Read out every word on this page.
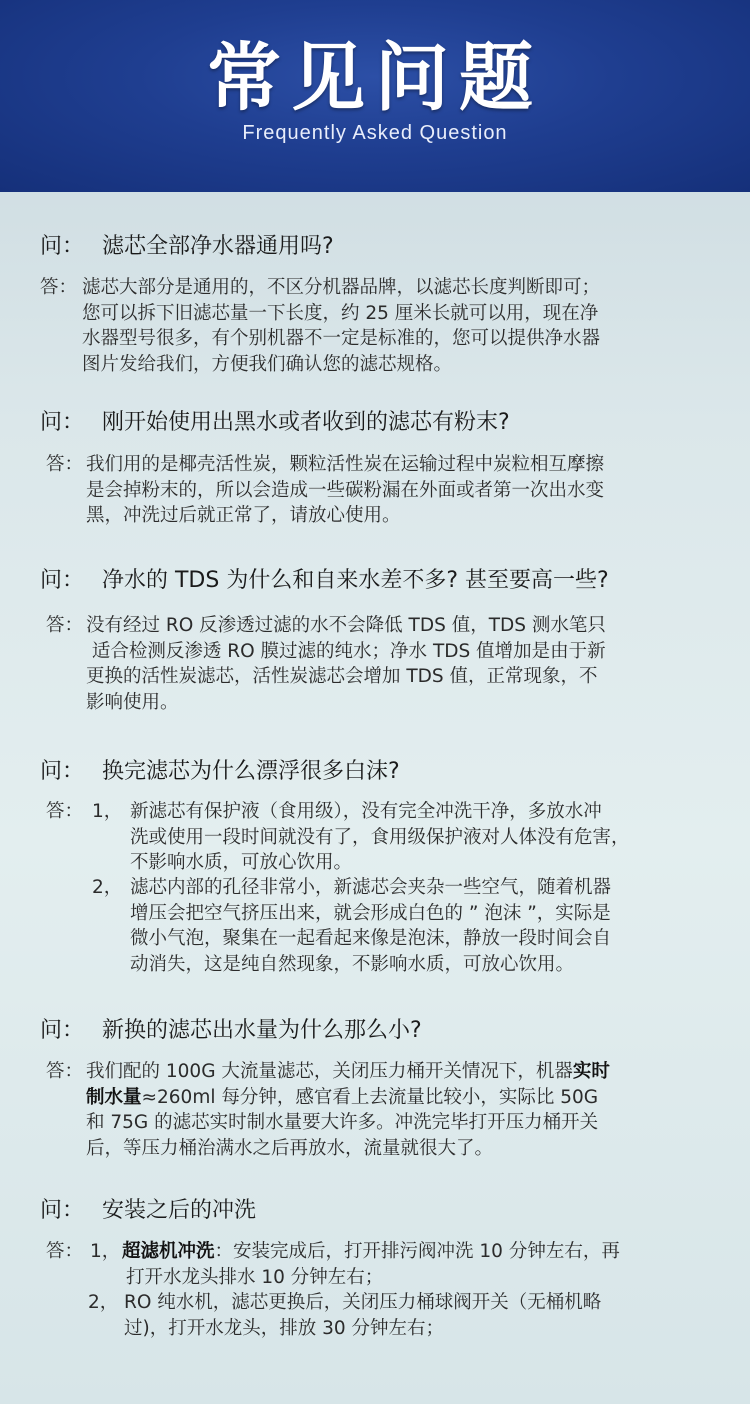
常见问题
Frequently Asked Question
问： 滤芯全部净水器通用吗?
答： 滤芯大部分是通用的，不区分机器品牌，以滤芯长度判断即可；
您可以拆下旧滤芯量一下长度，约 25 厘米长就可以用，现在净
水器型号很多，有个别机器不一定是标准的，您可以提供净水器
图片发给我们，方便我们确认您的滤芯规格。
问： 刚开始使用出黑水或者收到的滤芯有粉末?
答： 我们用的是椰壳活性炭，颗粒活性炭在运输过程中炭粒相互摩擦
是会掉粉末的，所以会造成一些碳粉漏在外面或者第一次出水变
黑，冲洗过后就正常了，请放心使用。
问： 净水的 TDS 为什么和自来水差不多? 甚至要高一些?
答： 没有经过 RO 反渗透过滤的水不会降低 TDS 值，TDS 测水笔只
适合检测反渗透 RO 膜过滤的纯水；净水 TDS 值增加是由于新
更换的活性炭滤芯，活性炭滤芯会增加 TDS 值，正常现象，不
影响使用。
问： 换完滤芯为什么漂浮很多白沫?
答： 1， 新滤芯有保护液（食用级），没有完全冲洗干净，多放水冲
洗或使用一段时间就没有了，食用级保护液对人体没有危害，
不影响水质，可放心饮用。
2， 滤芯内部的孔径非常小，新滤芯会夹杂一些空气，随着机器
增压会把空气挤压出来，就会形成白色的 ” 泡沫 ”，实际是
微小气泡，聚集在一起看起来像是泡沫，静放一段时间会自
动消失，这是纯自然现象，不影响水质，可放心饮用。
问： 新换的滤芯出水量为什么那么小?
答： 我们配的 100G 大流量滤芯，关闭压力桶开关情况下，机器实时
制水量≈260ml 每分钟，感官看上去流量比较小，实际比 50G
和 75G 的滤芯实时制水量要大许多。冲洗完毕打开压力桶开关
后，等压力桶治满水之后再放水，流量就很大了。
问： 安装之后的冲洗
答： 1， 超滤机冲洗：安装完成后，打开排污阀冲洗 10 分钟左右，再
打开水龙头排水 10 分钟左右；
2， RO 纯水机，滤芯更换后，关闭压力桶球阀开关（无桶机略
过)，打开水龙头，排放 30 分钟左右；
